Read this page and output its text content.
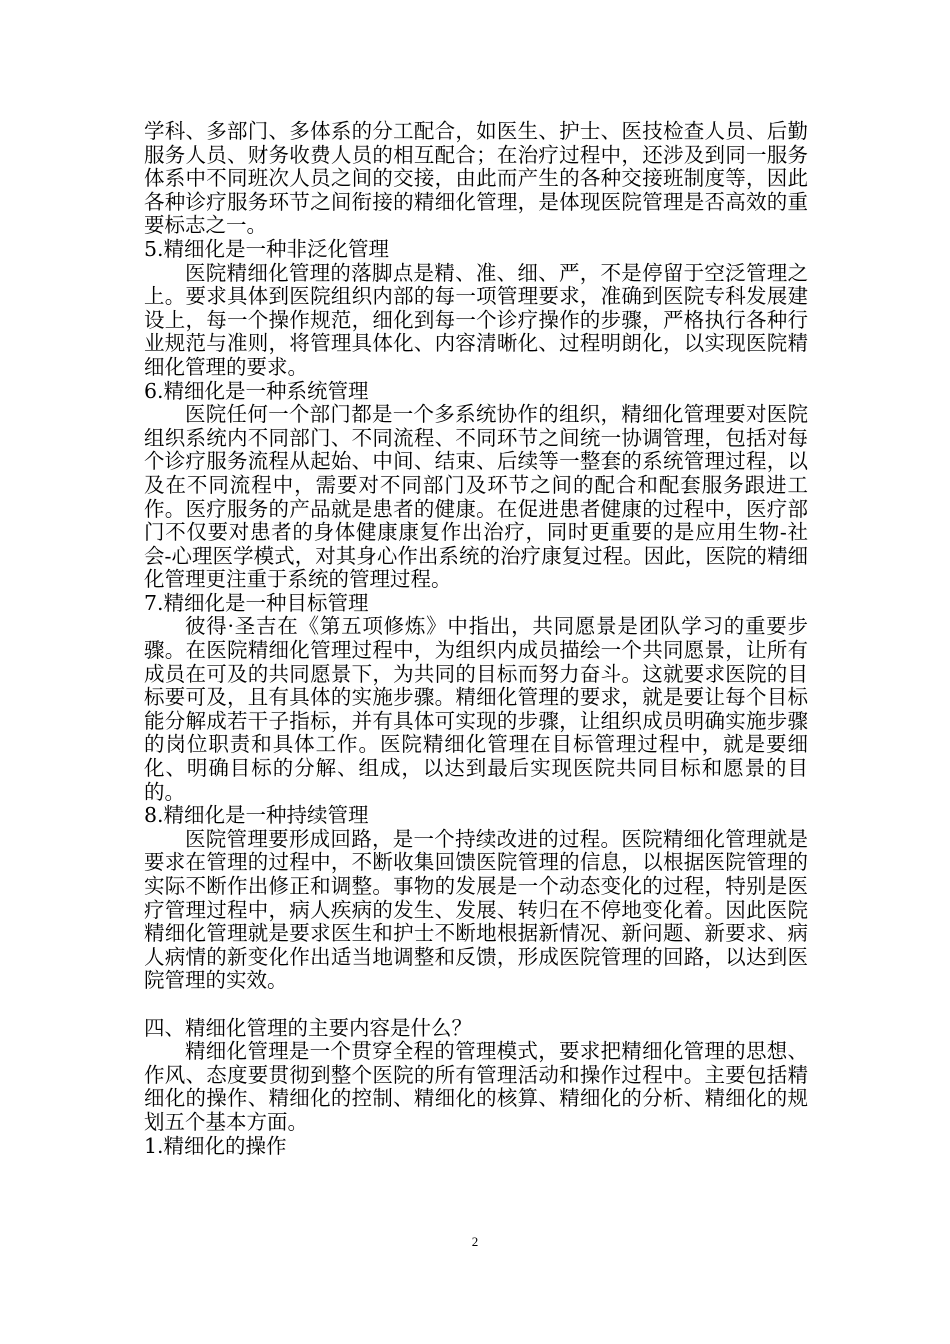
学科、多部门、多体系的分工配合，如医生、护士、医技检查人员、后勤服务人员、财务收费人员的相互配合；在治疗过程中，还涉及到同一服务体系中不同班次人员之间的交接，由此而产生的各种交接班制度等，因此各种诊疗服务环节之间衔接的精细化管理，是体现医院管理是否高效的重要标志之一。

5.精细化是一种非泛化管理

医院精细化管理的落脚点是精、准、细、严，不是停留于空泛管理之上。要求具体到医院组织内部的每一项管理要求，准确到医院专科发展建设上，每一个操作规范，细化到每一个诊疗操作的步骤，严格执行各种行业规范与准则，将管理具体化、内容清晰化、过程明朗化，以实现医院精细化管理的要求。

6.精细化是一种系统管理

医院任何一个部门都是一个多系统协作的组织，精细化管理要对医院组织系统内不同部门、不同流程、不同环节之间统一协调管理，包括对每个诊疗服务流程从起始、中间、结束、后续等一整套的系统管理过程，以及在不同流程中，需要对不同部门及环节之间的配合和配套服务跟进工作。医疗服务的产品就是患者的健康。在促进患者健康的过程中，医疗部门不仅要对患者的身体健康康复作出治疗，同时更重要的是应用生物-社会-心理医学模式，对其身心作出系统的治疗康复过程。因此，医院的精细化管理更注重于系统的管理过程。

7.精细化是一种目标管理

彼得·圣吉在《第五项修炼》中指出，共同愿景是团队学习的重要步骤。在医院精细化管理过程中，为组织内成员描绘一个共同愿景，让所有成员在可及的共同愿景下，为共同的目标而努力奋斗。这就要求医院的目标要可及，且有具体的实施步骤。精细化管理的要求，就是要让每个目标能分解成若干子指标，并有具体可实现的步骤，让组织成员明确实施步骤的岗位职责和具体工作。医院精细化管理在目标管理过程中，就是要细化、明确目标的分解、组成，以达到最后实现医院共同目标和愿景的目的。

8.精细化是一种持续管理

医院管理要形成回路，是一个持续改进的过程。医院精细化管理就是要求在管理的过程中，不断收集回馈医院管理的信息，以根据医院管理的实际不断作出修正和调整。事物的发展是一个动态变化的过程，特别是医疗管理过程中，病人疾病的发生、发展、转归在不停地变化着。因此医院精细化管理就是要求医生和护士不断地根据新情况、新问题、新要求、病人病情的新变化作出适当地调整和反馈，形成医院管理的回路，以达到医院管理的实效。

四、精细化管理的主要内容是什么？

精细化管理是一个贯穿全程的管理模式，要求把精细化管理的思想、作风、态度要贯彻到整个医院的所有管理活动和操作过程中。主要包括精细化的操作、精细化的控制、精细化的核算、精细化的分析、精细化的规划五个基本方面。

1.精细化的操作

2
